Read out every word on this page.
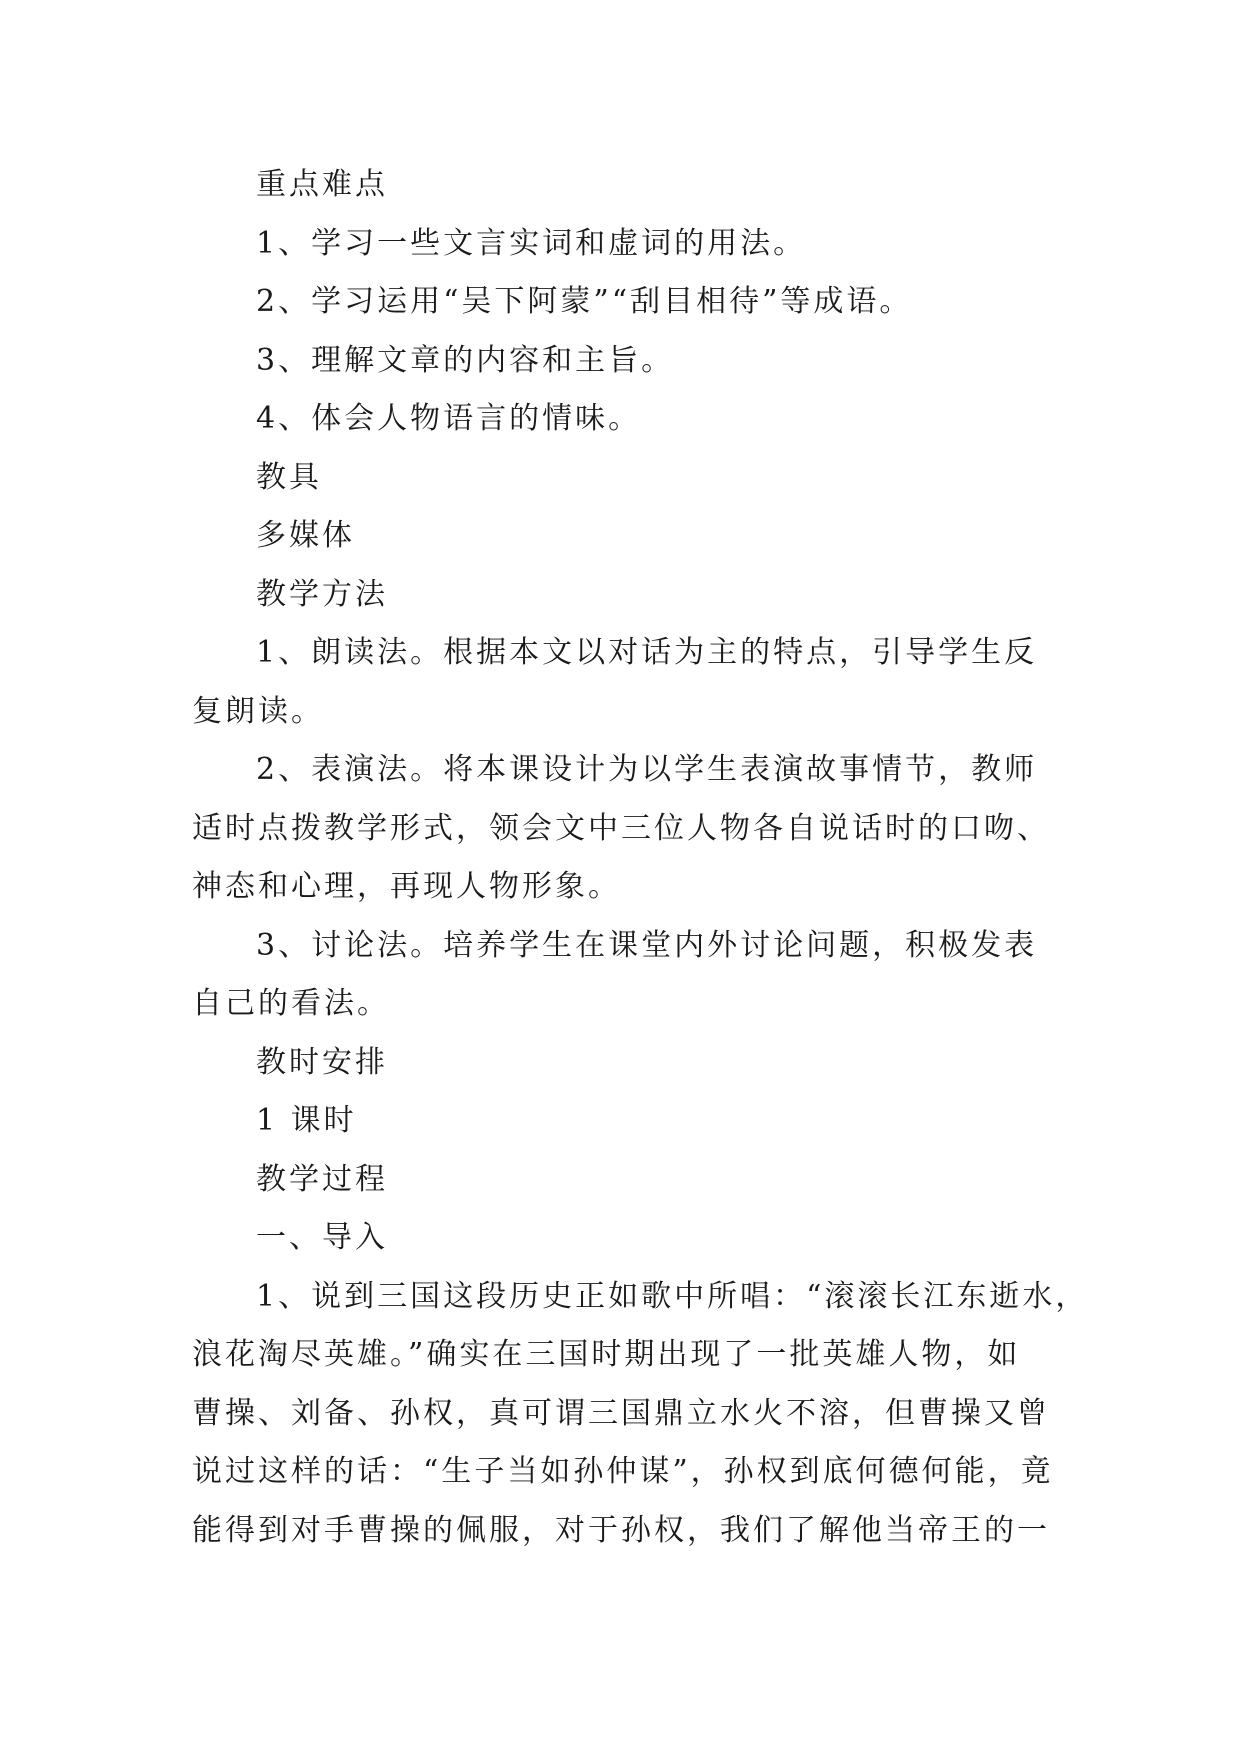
重点难点
1、学习一些文言实词和虚词的用法。
2、学习运用“吴下阿蒙”“刮目相待”等成语。
3、理解文章的内容和主旨。
4、体会人物语言的情味。
教具
多媒体
教学方法
1、朗读法。根据本文以对话为主的特点，引导学生反
复朗读。
2、表演法。将本课设计为以学生表演故事情节，教师
适时点拨教学形式，领会文中三位人物各自说话时的口吻、
神态和心理，再现人物形象。
3、讨论法。培养学生在课堂内外讨论问题，积极发表
自己的看法。
教时安排
1 课时
教学过程
一、导入
1、说到三国这段历史正如歌中所唱：“滚滚长江东逝水，
浪花淘尽英雄。”确实在三国时期出现了一批英雄人物，如
曹操、刘备、孙权，真可谓三国鼎立水火不溶，但曹操又曾
说过这样的话：“生子当如孙仲谋”，孙权到底何德何能，竟
能得到对手曹操的佩服，对于孙权，我们了解他当帝王的一
